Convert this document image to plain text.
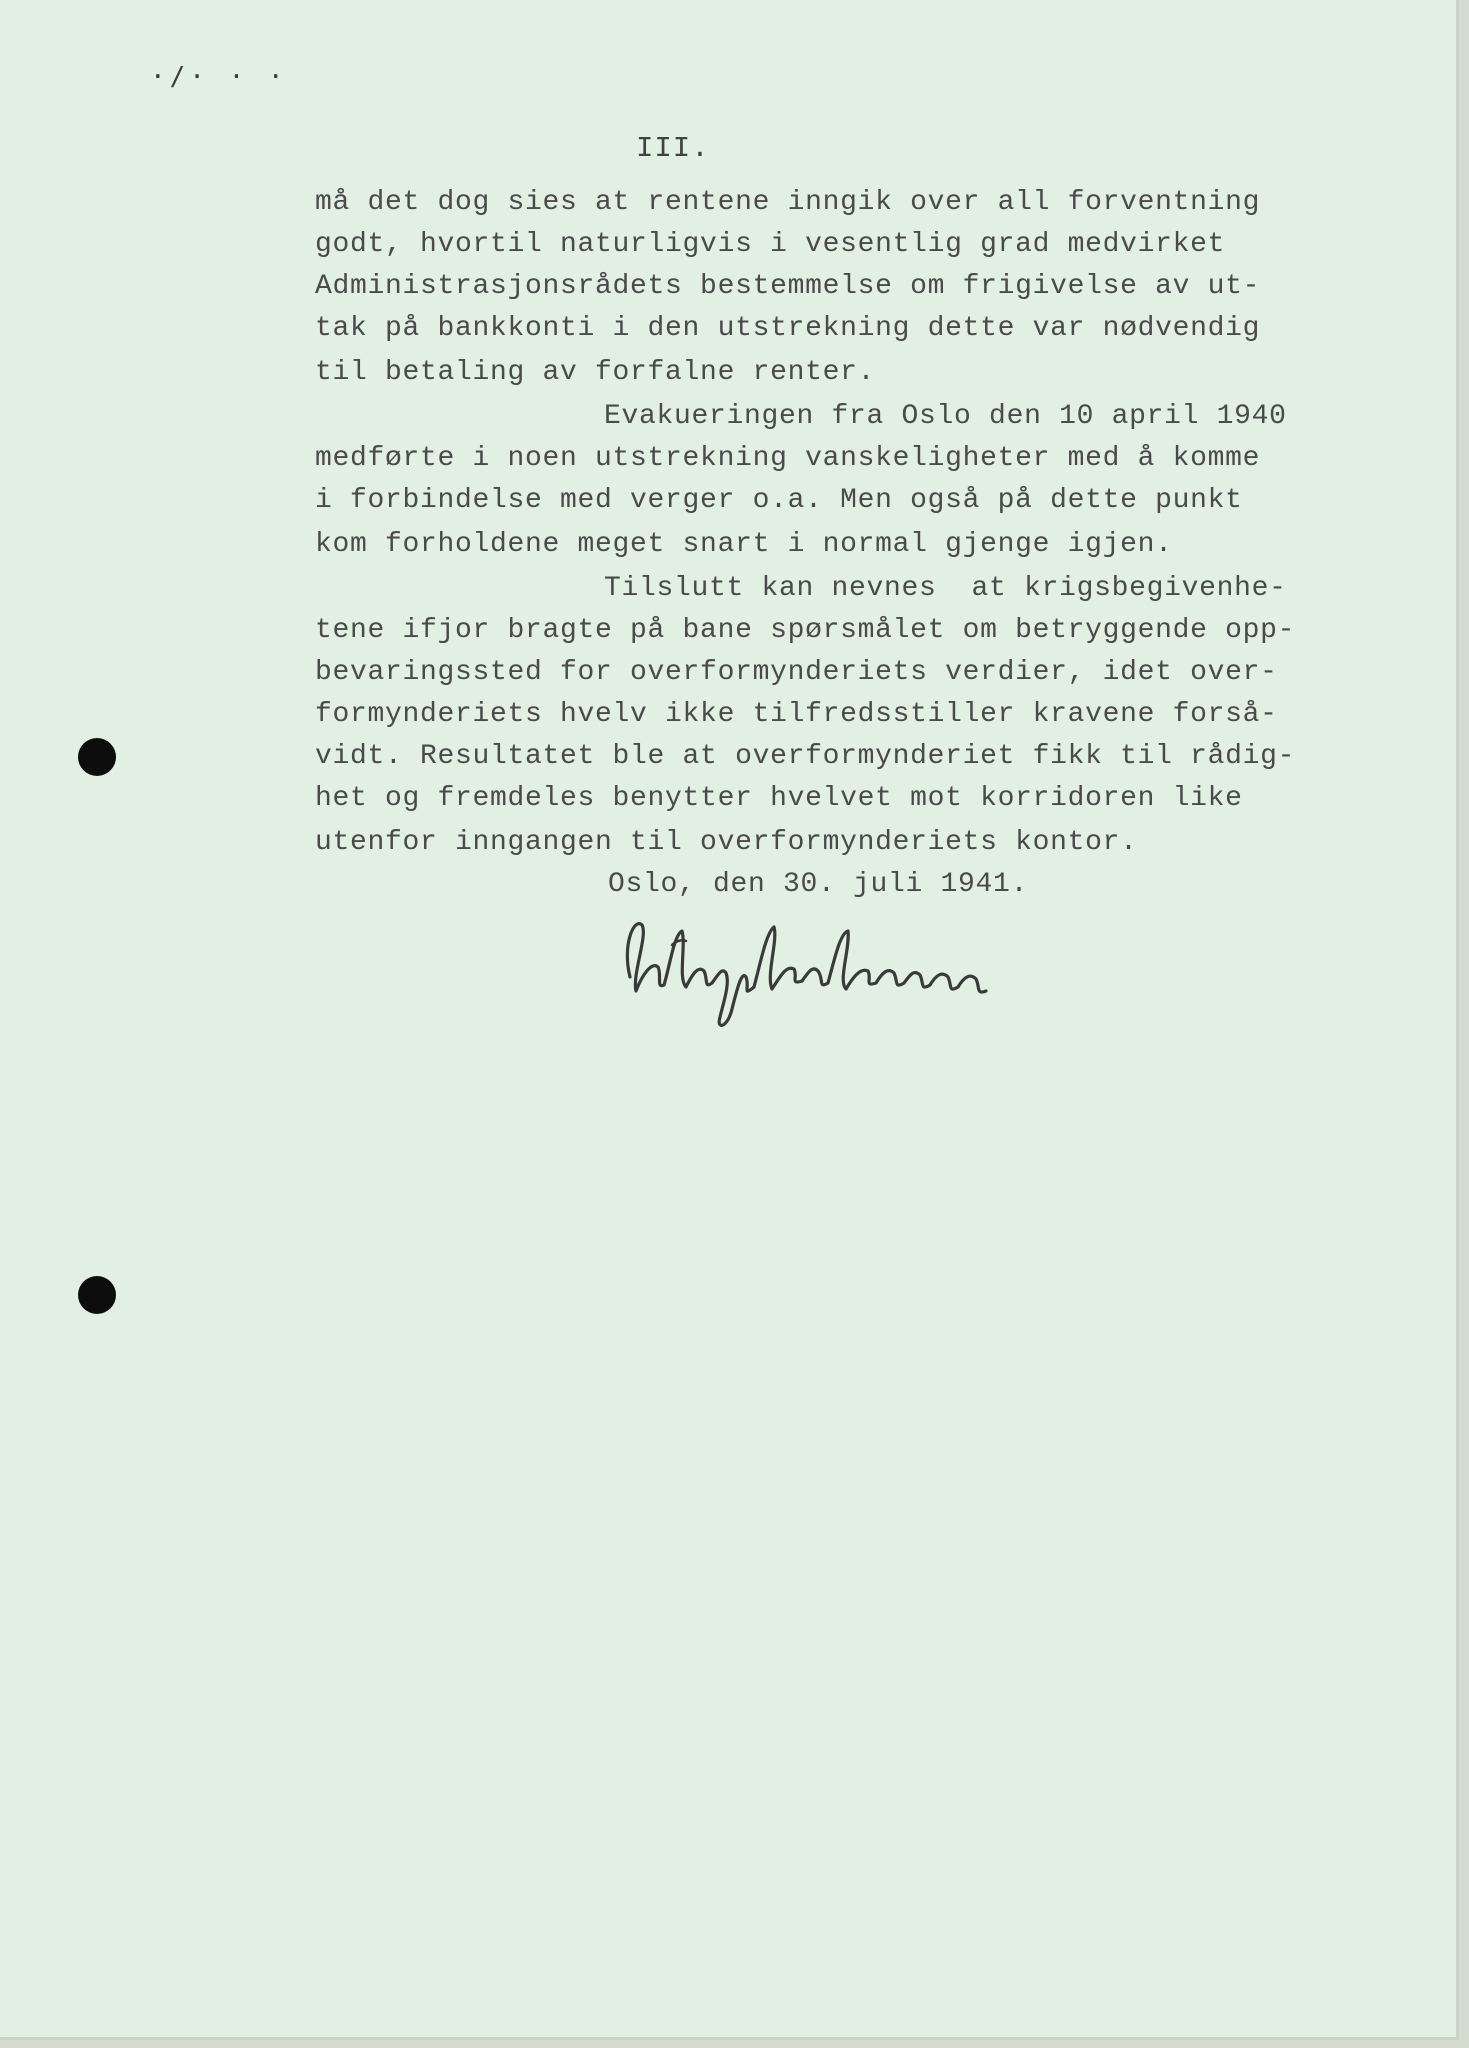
·/· · ·
III.
må det dog sies at rentene inngik over all forventning
godt, hvortil naturligvis i vesentlig grad medvirket
Administrasjonsrådets bestemmelse om frigivelse av ut-
tak på bankkonti i den utstrekning dette var nødvendig
til betaling av forfalne renter.
Evakueringen fra Oslo den 10 april 1940
medførte i noen utstrekning vanskeligheter med å komme
i forbindelse med verger o.a. Men også på dette punkt
kom forholdene meget snart i normal gjenge igjen.
Tilslutt kan nevnes  at krigsbegivenhe-
tene ifjor bragte på bane spørsmålet om betryggende opp-
bevaringssted for overformynderiets verdier, idet over-
formynderiets hvelv ikke tilfredsstiller kravene forså-
vidt. Resultatet ble at overformynderiet fikk til rådig-
het og fremdeles benytter hvelvet mot korridoren like
utenfor inngangen til overformynderiets kontor.
Oslo, den 30. juli 1941.
